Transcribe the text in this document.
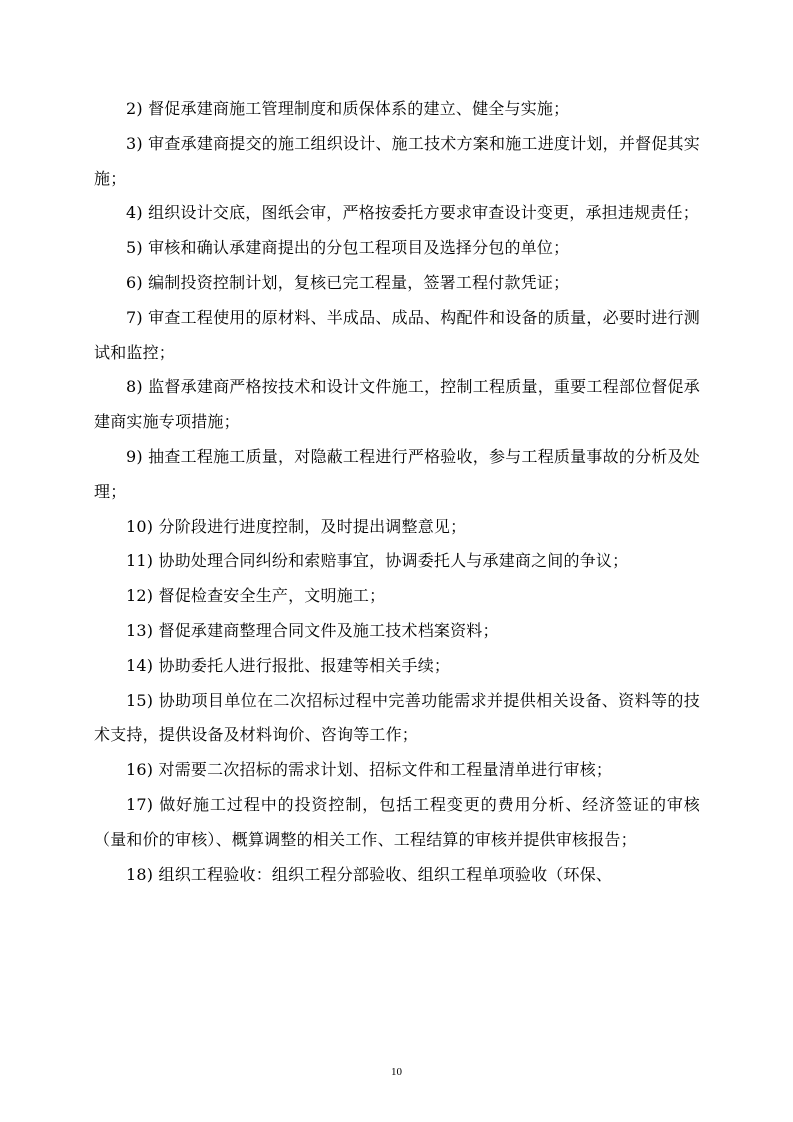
2) 督促承建商施工管理制度和质保体系的建立、健全与实施；

3) 审查承建商提交的施工组织设计、施工技术方案和施工进度计划，并督促其实施；

4) 组织设计交底，图纸会审，严格按委托方要求审查设计变更，承担违规责任；

5) 审核和确认承建商提出的分包工程项目及选择分包的单位；

6) 编制投资控制计划，复核已完工程量，签署工程付款凭证；

7) 审查工程使用的原材料、半成品、成品、构配件和设备的质量，必要时进行测试和监控；

8) 监督承建商严格按技术和设计文件施工，控制工程质量，重要工程部位督促承建商实施专项措施；

9) 抽查工程施工质量，对隐蔽工程进行严格验收，参与工程质量事故的分析及处理；

10) 分阶段进行进度控制，及时提出调整意见；

11) 协助处理合同纠纷和索赔事宜，协调委托人与承建商之间的争议；

12) 督促检查安全生产，文明施工；

13) 督促承建商整理合同文件及施工技术档案资料；

14) 协助委托人进行报批、报建等相关手续；

15) 协助项目单位在二次招标过程中完善功能需求并提供相关设备、资料等的技术支持，提供设备及材料询价、咨询等工作；

16) 对需要二次招标的需求计划、招标文件和工程量清单进行审核；

17) 做好施工过程中的投资控制，包括工程变更的费用分析、经济签证的审核（量和价的审核）、概算调整的相关工作、工程结算的审核并提供审核报告；

18) 组织工程验收：组织工程分部验收、组织工程单项验收（环保、

10
